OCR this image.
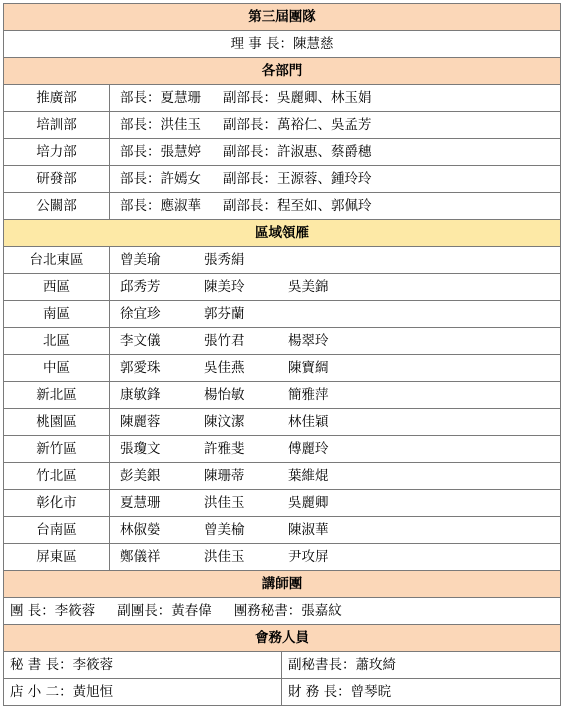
第三屆團隊		
理 事 長：陳慧慈		
各部門		
推廣部	部長：夏慧珊 副部長：吳麗卿、林玉娟	
培訓部	部長：洪佳玉 副部長：萬裕仁、吳孟芳	
培力部	部長：張慧婷 副部長：許淑惠、蔡爵穗	
研發部	部長：許嫣女 副部長：王源蓉、鍾玲玲	
公關部	部長：應淑華 副部長：程至如、郭佩玲	
區域領雁		
台北東區	曾美瑜 張秀絹	
西區	邱秀芳 陳美玲 吳美錦	
南區	徐宜珍 郭芬蘭	
北區	李文儀 張竹君 楊翠玲	
中區	郭愛珠 吳佳燕 陳寶綢	
新北區	康敏鋒 楊怡敏 簡雅萍	
桃園區	陳麗蓉 陳汶潔 林佳穎	
新竹區	張瓊文 許雅斐 傅麗玲	
竹北區	彭美銀 陳珊蒂 葉維焜	
彰化市	夏慧珊 洪佳玉 吳麗卿	
台南區	林俶嫈 曾美榆 陳淑華	
屏東區	鄭儀祥 洪佳玉 尹攻屏	
講師團		
團 長：李筱蓉 副團長：黃春偉 團務秘書：張嘉紋		
會務人員		
秘 書 長：李筱蓉		副秘書長：蕭玫綺
店 小 二：黃旭恒		財 務 長：曾琴晥
